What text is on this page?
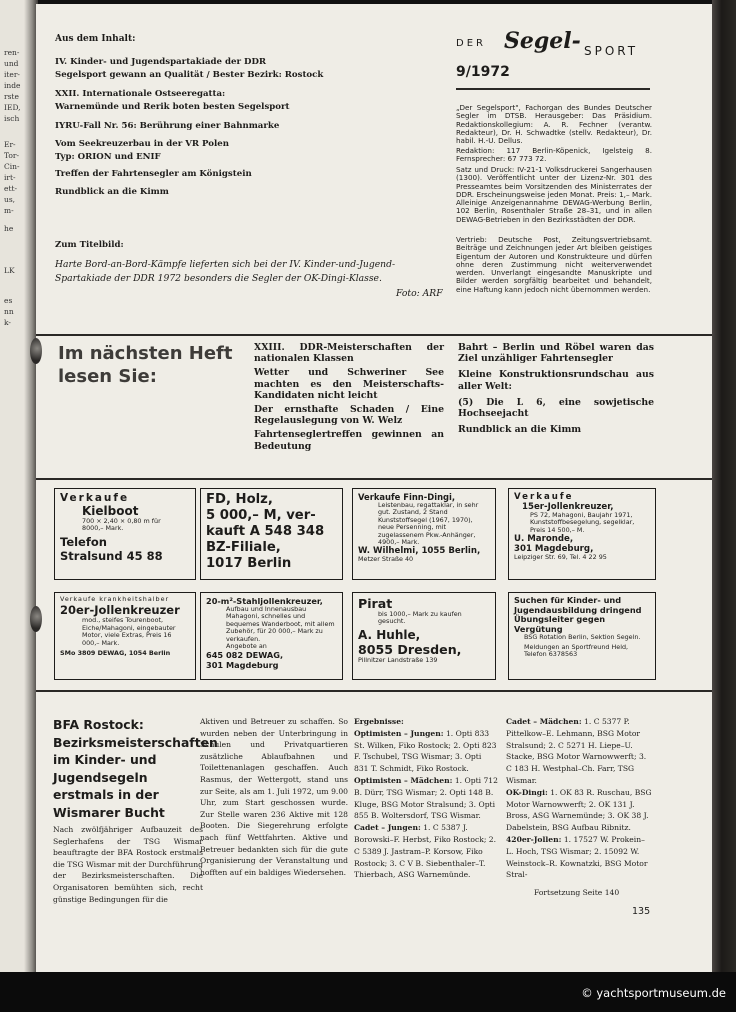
ren-
und
iter-
inde
rste
IED,
isch
Er-
Tor-
Cin-
irt-
ett-
us,
m-
he
LK
es
nn
k-
Aus dem Inhalt:
IV. Kinder- und Jugendspartakiade der DDR
Segelsport gewann an Qualität / Bester Bezirk: Rostock
XXII. Internationale Ostseeregatta:
Warnemünde und Rerik boten besten Segelsport
IYRU-Fall Nr. 56: Berührung einer Bahnmarke
Vom Seekreuzerbau in der VR Polen
Typ: ORION und ENIF
Treffen der Fahrtensegler am Königstein
Rundblick an die Kimm
Zum Titelbild:
Harte Bord-an-Bord-Kämpfe lieferten sich bei der IV. Kinder-und-Jugend-Spartakiade der DDR 1972 besonders die Segler der OK-Dingi-Klasse.
Foto: ARF
DER Segel- SPORT
9/1972
„Der Segelsport", Fachorgan des Bundes Deutscher Segler im DTSB. Herausgeber: Das Präsidium. Redaktionskollegium: A. R. Fechner (verantw. Redakteur), Dr. H. Schwadtke (stellv. Redakteur), Dr. habil. H.-U. Dellus.
Redaktion: 117 Berlin-Köpenick, Igelsteig 8. Fernsprecher: 67 773 72.
Satz und Druck: IV-21-1 Volksdruckerei Sangerhausen (1300). Veröffentlicht unter der Lizenz-Nr. 301 des Presseamtes beim Vorsitzenden des Ministerrates der DDR. Erscheinungsweise jeden Monat. Preis: 1,– Mark. Alleinige Anzeigenannahme DEWAG-Werbung Berlin, 102 Berlin, Rosenthaler Straße 28–31, und in allen DEWAG-Betrieben in den Bezirksstädten der DDR.
Vertrieb: Deutsche Post, Zeitungsvertriebsamt. Beiträge und Zeichnungen jeder Art bleiben geistiges Eigentum der Autoren und Konstrukteure und dürfen ohne deren Zustimmung nicht weiterverwendet werden. Unverlangt eingesandte Manuskripte und Bilder werden sorgfältig bearbeitet und behandelt, eine Haftung kann jedoch nicht übernommen werden.
Im nächsten Heft
lesen Sie:
XXIII. DDR-Meisterschaften der nationalen Klassen
Wetter und Schweriner See machten es den Meisterschafts-Kandidaten nicht leicht
Der ernsthafte Schaden / Eine Regelauslegung von W. Welz
Fahrtenseglertreffen gewinnen an Bedeutung
Bahrt – Berlin und Röbel waren das Ziel unzähliger Fahrtensegler
Kleine Konstruktionsrundschau aus aller Welt:
(5) Die L 6, eine sowjetische Hochseejacht
Rundblick an die Kimm
Verkaufe
Kielboot
700 × 2,40 × 0,80 m für 8000,– Mark.
Telefon
Stralsund 45 88
FD, Holz,
5 000,– M, ver-
kauft A 548 348
BZ-Filiale,
1017 Berlin
Verkaufe Finn-Dingi,
Leistenbau, regattaklar, in sehr gut. Zustand, 2 Stand Kunststoffsegel (1967, 1970), neue Persenning, mit zugelassenem Pkw.-Anhänger, 4900,– Mark.
W. Wilhelmi, 1055 Berlin,
Metzer Straße 40
Verkaufe
15er-Jollenkreuzer,
PS 72, Mahagoni, Baujahr 1971, Kunststoffbesegelung, segelklar, Preis 14 500,– M.
U. Maronde,
301 Magdeburg,
Leipziger Str. 69, Tel. 4 22 95
Verkaufe krankheitshalber
20er-Jollenkreuzer
mod., steifes Tourenboot, Eiche/Mahagoni, eingebauter Motor, viele Extras, Preis 16 000,– Mark.
SMo 3809 DEWAG, 1054 Berlin
20-m²-Stahljollenkreuzer,
Aufbau und Innenausbau Mahagoni, schnelles und bequemes Wanderboot, mit allem Zubehör, für 20 000,– Mark zu verkaufen.
Angebote an
645 082 DEWAG,
301 Magdeburg
Pirat
bis 1000,– Mark zu kaufen gesucht.
A. Huhle,
8055 Dresden,
Pillnitzer Landstraße 139
Suchen für Kinder- und Jugendausbildung dringend Übungsleiter gegen Vergütung
BSG Rotation Berlin, Sektion Segeln.
Meldungen an Sportfreund Held, Telefon 6378563
BFA Rostock: Bezirksmeisterschaften im Kinder- und Jugendsegeln erstmals in der Wismarer Bucht
Nach zwölfjähriger Aufbauzeit des Seglerhafens der TSG Wismar beauftragte der BFA Rostock erstmals die TSG Wismar mit der Durchführung der Bezirksmeisterschaften. Die Organisatoren bemühten sich, recht günstige Bedingungen für die
Aktiven und Betreuer zu schaffen. So wurden neben der Unterbringung in Schulen und Privatquartieren zusätzliche Ablaufbahnen und Toilettenanlagen geschaffen. Auch Rasmus, der Wettergott, stand uns zur Seite, als am 1. Juli 1972, um 9.00 Uhr, zum Start geschossen wurde. Zur Stelle waren 236 Aktive mit 128 Booten. Die Siegerehrung erfolgte nach fünf Wettfahrten. Aktive und Betreuer bedankten sich für die gute Organisierung der Veranstaltung und hofften auf ein baldiges Wiedersehen.
Ergebnisse:
Optimisten – Jungen: 1. Opti 833 St. Wilken, Fiko Rostock; 2. Opti 823 F. Tschubel, TSG Wismar; 3. Opti 831 T. Schmidt, Fiko Rostock.
Optimisten – Mädchen: 1. Opti 712 B. Dürr, TSG Wismar; 2. Opti 148 B. Kluge, BSG Motor Stralsund; 3. Opti 855 B. Woltersdorf, TSG Wismar.
Cadet – Jungen: 1. C 5387 J. Borowski–F. Herbst, Fiko Rostock; 2. C 5389 J. Jastram–P. Korsow, Fiko Rostock; 3. C V B. Siebenthaler–T. Thierbach, ASG Warnemünde.
Cadet – Mädchen: 1. C 5377 P. Pittelkow–E. Lehmann, BSG Motor Stralsund; 2. C 5271 H. Liepe–U. Stacke, BSG Motor Warnowwerft; 3. C 183 H. Westphal–Ch. Farr, TSG Wismar.
OK-Dingi: 1. OK 83 R. Ruschau, BSG Motor Warnowwerft; 2. OK 131 J. Bross, ASG Warnemünde; 3. OK 38 J. Dabelstein, BSG Aufbau Ribnitz.
420er-Jollen: 1. 17527 W. Prokein–L. Hoch, TSG Wismar; 2. 15092 W. Weinstock–R. Kownatzki, BSG Motor Stral-
Fortsetzung Seite 140
135
© yachtsportmuseum.de
